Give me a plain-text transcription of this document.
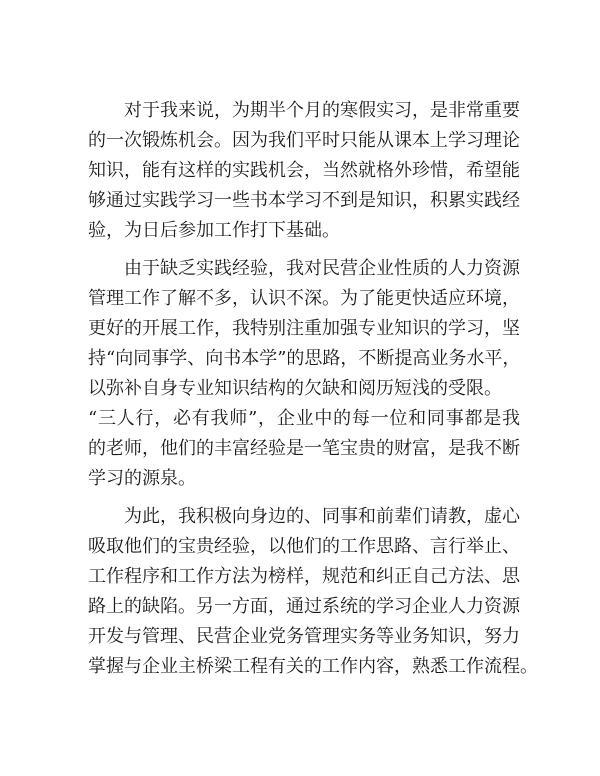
对于我来说，为期半个月的寒假实习，是非常重要
的一次锻炼机会。因为我们平时只能从课本上学习理论
知识，能有这样的实践机会，当然就格外珍惜，希望能
够通过实践学习一些书本学习不到是知识，积累实践经
验，为日后参加工作打下基础。
由于缺乏实践经验，我对民营企业性质的人力资源
管理工作了解不多，认识不深。为了能更快适应环境，
更好的开展工作，我特别注重加强专业知识的学习，坚
持“向同事学、向书本学”的思路，不断提高业务水平，
以弥补自身专业知识结构的欠缺和阅历短浅的受限。
“三人行，必有我师”，企业中的每一位和同事都是我
的老师，他们的丰富经验是一笔宝贵的财富，是我不断
学习的源泉。
为此，我积极向身边的、同事和前辈们请教，虚心
吸取他们的宝贵经验，以他们的工作思路、言行举止、
工作程序和工作方法为榜样，规范和纠正自己方法、思
路上的缺陷。另一方面，通过系统的学习企业人力资源
开发与管理、民营企业党务管理实务等业务知识，努力
掌握与企业主桥梁工程有关的工作内容，熟悉工作流程。
